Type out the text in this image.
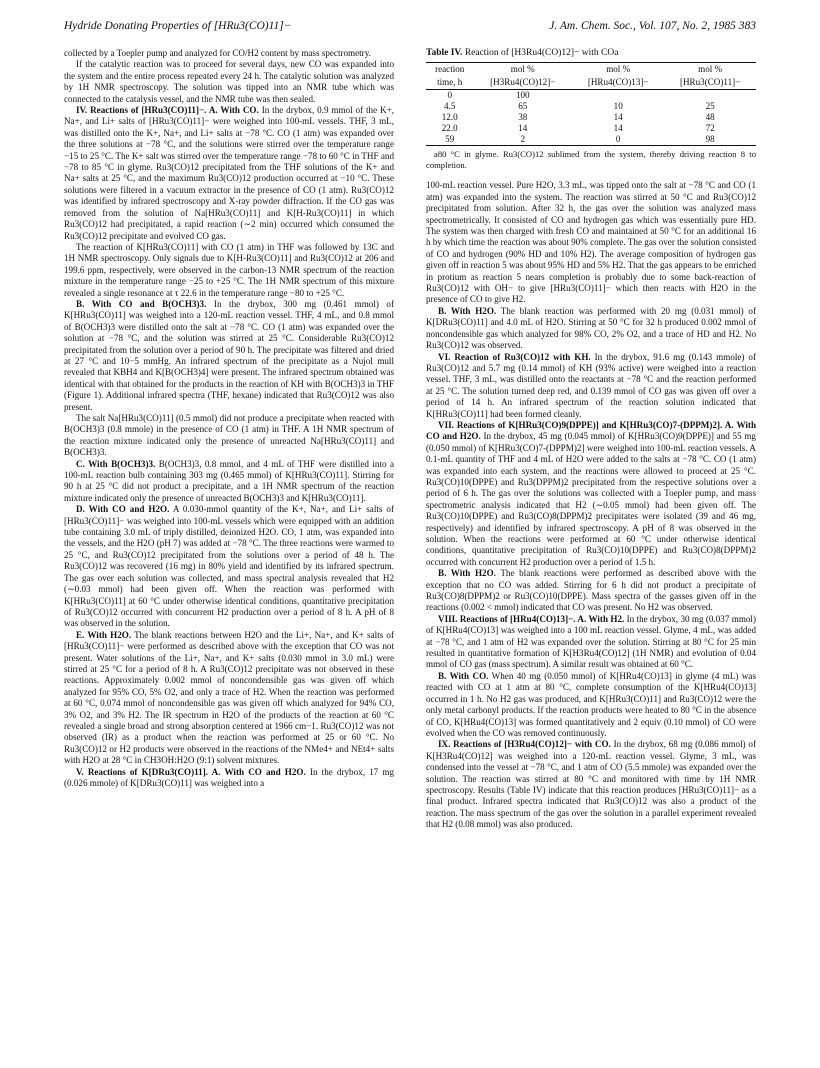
Hydride Donating Properties of [HRu3(CO)11]−	J. Am. Chem. Soc., Vol. 107, No. 2, 1985 383

collected by a Toepler pump and analyzed for CO/H2 content by mass spectrometry.

If the catalytic reaction was to proceed for several days, new CO was expanded into the system and the entire process repeated every 24 h. The catalytic solution was analyzed by 1H NMR spectroscopy. The solution was tipped into an NMR tube which was connected to the catalysis vessel, and the NMR tube was then sealed.

IV. Reactions of [HRu3(CO)11]−. A. With CO. In the drybox, 0.9 mmol of the K+, Na+, and Li+ salts of [HRu3(CO)11]− were weighed into 100-mL vessels. THF, 3 mL, was distilled onto the K+, Na+, and Li+ salts at −78 °C. CO (1 atm) was expanded over the three solutions at −78 °C, and the solutions were stirred over the temperature range −15 to 25 °C. The K+ salt was stirred over the temperature range −78 to 60 °C in THF and −78 to 85 °C in glyme. Ru3(CO)12 precipitated from the THF solutions of the K+ and Na+ salts at 25 °C, and the maximum Ru3(CO)12 production occurred at −10 °C. These solutions were filtered in a vacuum extractor in the presence of CO (1 atm). Ru3(CO)12 was identified by infrared spectroscopy and X-ray powder diffraction. If the CO gas was removed from the solution of Na[HRu3(CO)11] and K[H-Ru3(CO)11] in which Ru3(CO)12 had precipitated, a rapid reaction (∼2 min) occurred which consumed the Ru3(CO)12 precipitate and evolved CO gas.

The reaction of K[HRu3(CO)11] with CO (1 atm) in THF was followed by 13C and 1H NMR spectroscopy. Only signals due to K[H-Ru3(CO)11] and Ru3(CO)12 at 206 and 199.6 ppm, respectively, were observed in the carbon-13 NMR spectrum of the reaction mixture in the temperature range −25 to +25 °C. The 1H NMR spectrum of this mixture revealed a single resonance at τ 22.6 in the temperature range −80 to +25 °C.

B. With CO and B(OCH3)3. In the drybox, 300 mg (0.461 mmol) of K[HRu3(CO)11] was weighed into a 120-mL reaction vessel. THF, 4 mL, and 0.8 mmol of B(OCH3)3 were distilled onto the salt at −78 °C. CO (1 atm) was expanded over the solution at −78 °C, and the solution was stirred at 25 °C. Considerable Ru3(CO)12 precipitated from the solution over a period of 90 h. The precipitate was filtered and dried at 27 °C and 10−5 mmHg. An infrared spectrum of the precipitate as a Nujol mull revealed that KBH4 and K[B(OCH3)4] were present. The infrared spectrum obtained was identical with that obtained for the products in the reaction of KH with B(OCH3)3 in THF (Figure 1). Additional infrared spectra (THF, hexane) indicated that Ru3(CO)12 was also present.

The salt Na[HRu3(CO)11] (0.5 mmol) did not produce a precipitate when reacted with B(OCH3)3 (0.8 mmole) in the presence of CO (1 atm) in THF. A 1H NMR spectrum of the reaction mixture indicated only the presence of unreacted Na[HRu3(CO)11] and B(OCH3)3.

C. With B(OCH3)3. B(OCH3)3, 0.8 mmol, and 4 mL of THF were distilled into a 100-mL reaction bulb containing 303 mg (0.465 mmol) of K[HRu3(CO)11]. Stirring for 90 h at 25 °C did not product a precipitate, and a 1H NMR spectrum of the reaction mixture indicated only the presence of unreacted B(OCH3)3 and K[HRu3(CO)11].

D. With CO and H2O. A 0.030-mmol quantity of the K+, Na+, and Li+ salts of [HRu3(CO)11]− was weighed into 100-mL vessels which were equipped with an addition tube containing 3.0 mL of triply distilled, deionized H2O. CO, 1 atm, was expanded into the vessels, and the H2O (pH 7) was added at −78 °C. The three reactions were warmed to 25 °C, and Ru3(CO)12 precipitated from the solutions over a period of 48 h. The Ru3(CO)12 was recovered (16 mg) in 80% yield and identified by its infrared spectrum. The gas over each solution was collected, and mass spectral analysis revealed that H2 (∼0.03 mmol) had been given off. When the reaction was performed with K[HRu3(CO)11] at 60 °C under otherwise identical conditions, quantitative precipitation of Ru3(CO)12 occurred with concurrent H2 production over a period of 8 h. A pH of 8 was observed in the solution.

E. With H2O. The blank reactions between H2O and the Li+, Na+, and K+ salts of [HRu3(CO)11]− were performed as described above with the exception that CO was not present. Water solutions of the Li+, Na+, and K+ salts (0.030 mmol in 3.0 mL) were stirred at 25 °C for a period of 8 h. A Ru3(CO)12 precipitate was not observed in these reactions. Approximately 0.002 mmol of noncondensible gas was given off which analyzed for 95% CO, 5% O2, and only a trace of H2. When the reaction was performed at 60 °C, 0.074 mmol of noncondensible gas was given off which analyzed for 94% CO, 3% O2, and 3% H2. The IR spectrum in H2O of the products of the reaction at 60 °C revealed a single broad and strong absorption centered at 1966 cm−1. Ru3(CO)12 was not observed (IR) as a product when the reaction was performed at 25 or 60 °C. No Ru3(CO)12 or H2 products were observed in the reactions of the NMe4+ and NEt4+ salts with H2O at 28 °C in CH3OH:H2O (9:1) solvent mixtures.

V. Reactions of K[DRu3(CO)11]. A. With CO and H2O. In the drybox, 17 mg (0.026 mmole) of K[DRu3(CO)11] was weighed into a

Table IV. Reaction of [H3Ru4(CO)12]− with COa
reaction	mol %	mol %	mol %
time, h	[H3Ru4(CO)12]−	[HRu4(CO)13]−	[HRu3(CO)11]−
0	100		
4.5	65	10	25
12.0	38	14	48
22.0	14	14	72
59	2	0	98
a80 °C in glyme. Ru3(CO)12 sublimed from the system, thereby driving reaction 8 to completion.

100-mL reaction vessel. Pure H2O, 3.3 mL, was tipped onto the salt at −78 °C and CO (1 atm) was expanded into the system. The reaction was stirred at 50 °C and Ru3(CO)12 precipitated from solution. After 32 h, the gas over the solution was analyzed mass spectrometrically. It consisted of CO and hydrogen gas which was essentially pure HD. The system was then charged with fresh CO and maintained at 50 °C for an additional 16 h by which time the reaction was about 90% complete. The gas over the solution consisted of CO and hydrogen (90% HD and 10% H2). The average composition of hydrogen gas given off in reaction 5 was about 95% HD and 5% H2. That the gas appears to be enriched in protium as reaction 5 nears completion is probably due to some back-reaction of Ru3(CO)12 with OH− to give [HRu3(CO)11]− which then reacts with H2O in the presence of CO to give H2.

B. With H2O. The blank reaction was performed with 20 mg (0.031 mmol) of K[DRu3(CO)11] and 4.0 mL of H2O. Stirring at 50 °C for 32 h produced 0.002 mmol of noncondensible gas which analyzed for 98% CO, 2% O2, and a trace of HD and H2. No Ru3(CO)12 was observed.

VI. Reaction of Ru3(CO)12 with KH. In the drybox, 91.6 mg (0.143 mmole) of Ru3(CO)12 and 5.7 mg (0.14 mmol) of KH (93% active) were weighed into a reaction vessel. THF, 3 mL, was distilled onto the reactants at −78 °C and the reaction performed at 25 °C. The solution turned deep red, and 0.139 mmol of CO gas was given off over a period of 14 h. An infrared spectrum of the reaction solution indicated that K[HRu3(CO)11] had been formed cleanly.

VII. Reactions of K[HRu3(CO)9(DPPE)] and K[HRu3(CO)7-(DPPM)2]. A. With CO and H2O. In the drybox, 45 mg (0.045 mmol) of K[HRu3(CO)9(DPPE)] and 55 mg (0.050 mmol) of K[HRu3(CO)7-(DPPM)2] were weighed into 100-mL reaction vessels. A 0.1-mL quantity of THF and 4 mL of H2O were added to the salts at −78 °C. CO (1 atm) was expanded into each system, and the reactions were allowed to proceed at 25 °C. Ru3(CO)10(DPPE) and Ru3(DPPM)2 precipitated from the respective solutions over a period of 6 h. The gas over the solutions was collected with a Toepler pump, and mass spectrometric analysis indicated that H2 (∼0.05 mmol) had been given off. The Ru3(CO)10(DPPE) and Ru3(CO)8(DPPM)2 precipitates were isolated (39 and 46 mg, respectively) and identified by infrared spectroscopy. A pH of 8 was observed in the solution. When the reactions were performed at 60 °C under otherwise identical conditions, quantitative precipitation of Ru3(CO)10(DPPE) and Ru3(CO)8(DPPM)2 occurred with concurrent H2 production over a period of 1.5 h.

B. With H2O. The blank reactions were performed as described above with the exception that no CO was added. Stirring for 6 h did not product a precipitate of Ru3(CO)8(DPPM)2 or Ru3(CO)10(DPPE). Mass spectra of the gasses given off in the reactions (0.002 < mmol) indicated that CO was present. No H2 was observed.

VIII. Reactions of [HRu4(CO)13]−. A. With H2. In the drybox, 30 mg (0.037 mmol) of K[HRu4(CO)13] was weighed into a 100 mL reaction vessel. Glyme, 4 mL, was added at −78 °C, and 1 atm of H2 was expanded over the solution. Stirring at 80 °C for 25 min resulted in quantitative formation of K[H3Ru4(CO)12] (1H NMR) and evolution of 0.04 mmol of CO gas (mass spectrum). A similar result was obtained at 60 °C.

B. With CO. When 40 mg (0.050 mmol) of K[HRu4(CO)13] in glyme (4 mL) was reacted with CO at 1 atm at 80 °C, complete consumption of the K[HRu4(CO)13] occurred in 1 h. No H2 gas was produced, and K[HRu3(CO)11] and Ru3(CO)12 were the only metal carbonyl products. If the reaction products were heated to 80 °C in the absence of CO, K[HRu4(CO)13] was formed quantitatively and 2 equiv (0.10 mmol) of CO were evolved when the CO was removed continuously.

IX. Reactions of [H3Ru4(CO)12]− with CO. In the drybox, 68 mg (0.086 mmol) of K[H3Ru4(CO)12] was weighed into a 120-mL reaction vessel. Glyme, 3 mL, was condensed into the vessel at −78 °C, and 1 atm of CO (5.5 mmole) was expanded over the solution. The reaction was stirred at 80 °C and monitored with time by 1H NMR spectroscopy. Results (Table IV) indicate that this reaction produces [HRu3(CO)11]− as a final product. Infrared spectra indicated that Ru3(CO)12 was also a product of the reaction. The mass spectrum of the gas over the solution in a parallel experiment revealed that H2 (0.08 mmol) was also produced.
